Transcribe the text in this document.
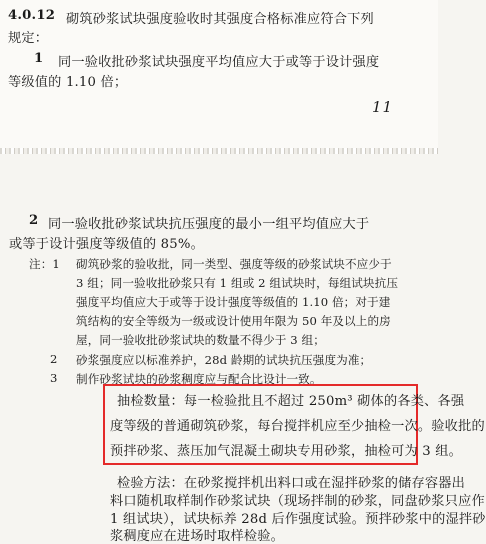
4.0.12 砌筑砂浆试块强度验收时其强度合格标准应符合下列
规定：
1 同一验收批砂浆试块强度平均值应大于或等于设计强度
等级值的 1.10 倍；
11
2 同一验收批砂浆试块抗压强度的最小一组平均值应大于
或等于设计强度等级值的 85%。
注：1 砌筑砂浆的验收批，同一类型、强度等级的砂浆试块不应少于
3 组；同一验收批砂浆只有 1 组或 2 组试块时，每组试块抗压
强度平均值应大于或等于设计强度等级值的 1.10 倍；对于建
筑结构的安全等级为一级或设计使用年限为 50 年及以上的房
屋，同一验收批砂浆试块的数量不得少于 3 组；
2 砂浆强度应以标准养护，28d 龄期的试块抗压强度为准；
3 制作砂浆试块的砂浆稠度应与配合比设计一致。
抽检数量：每一检验批且不超过 250m³ 砌体的各类、各强
度等级的普通砌筑砂浆，每台搅拌机应至少抽检一次。验收批的
预拌砂浆、蒸压加气混凝土砌块专用砂浆，抽检可为 3 组。
检验方法：在砂浆搅拌机出料口或在湿拌砂浆的储存容器出
料口随机取样制作砂浆试块（现场拌制的砂浆，同盘砂浆只应作
1 组试块），试块标养 28d 后作强度试验。预拌砂浆中的湿拌砂
浆稠度应在进场时取样检验。
